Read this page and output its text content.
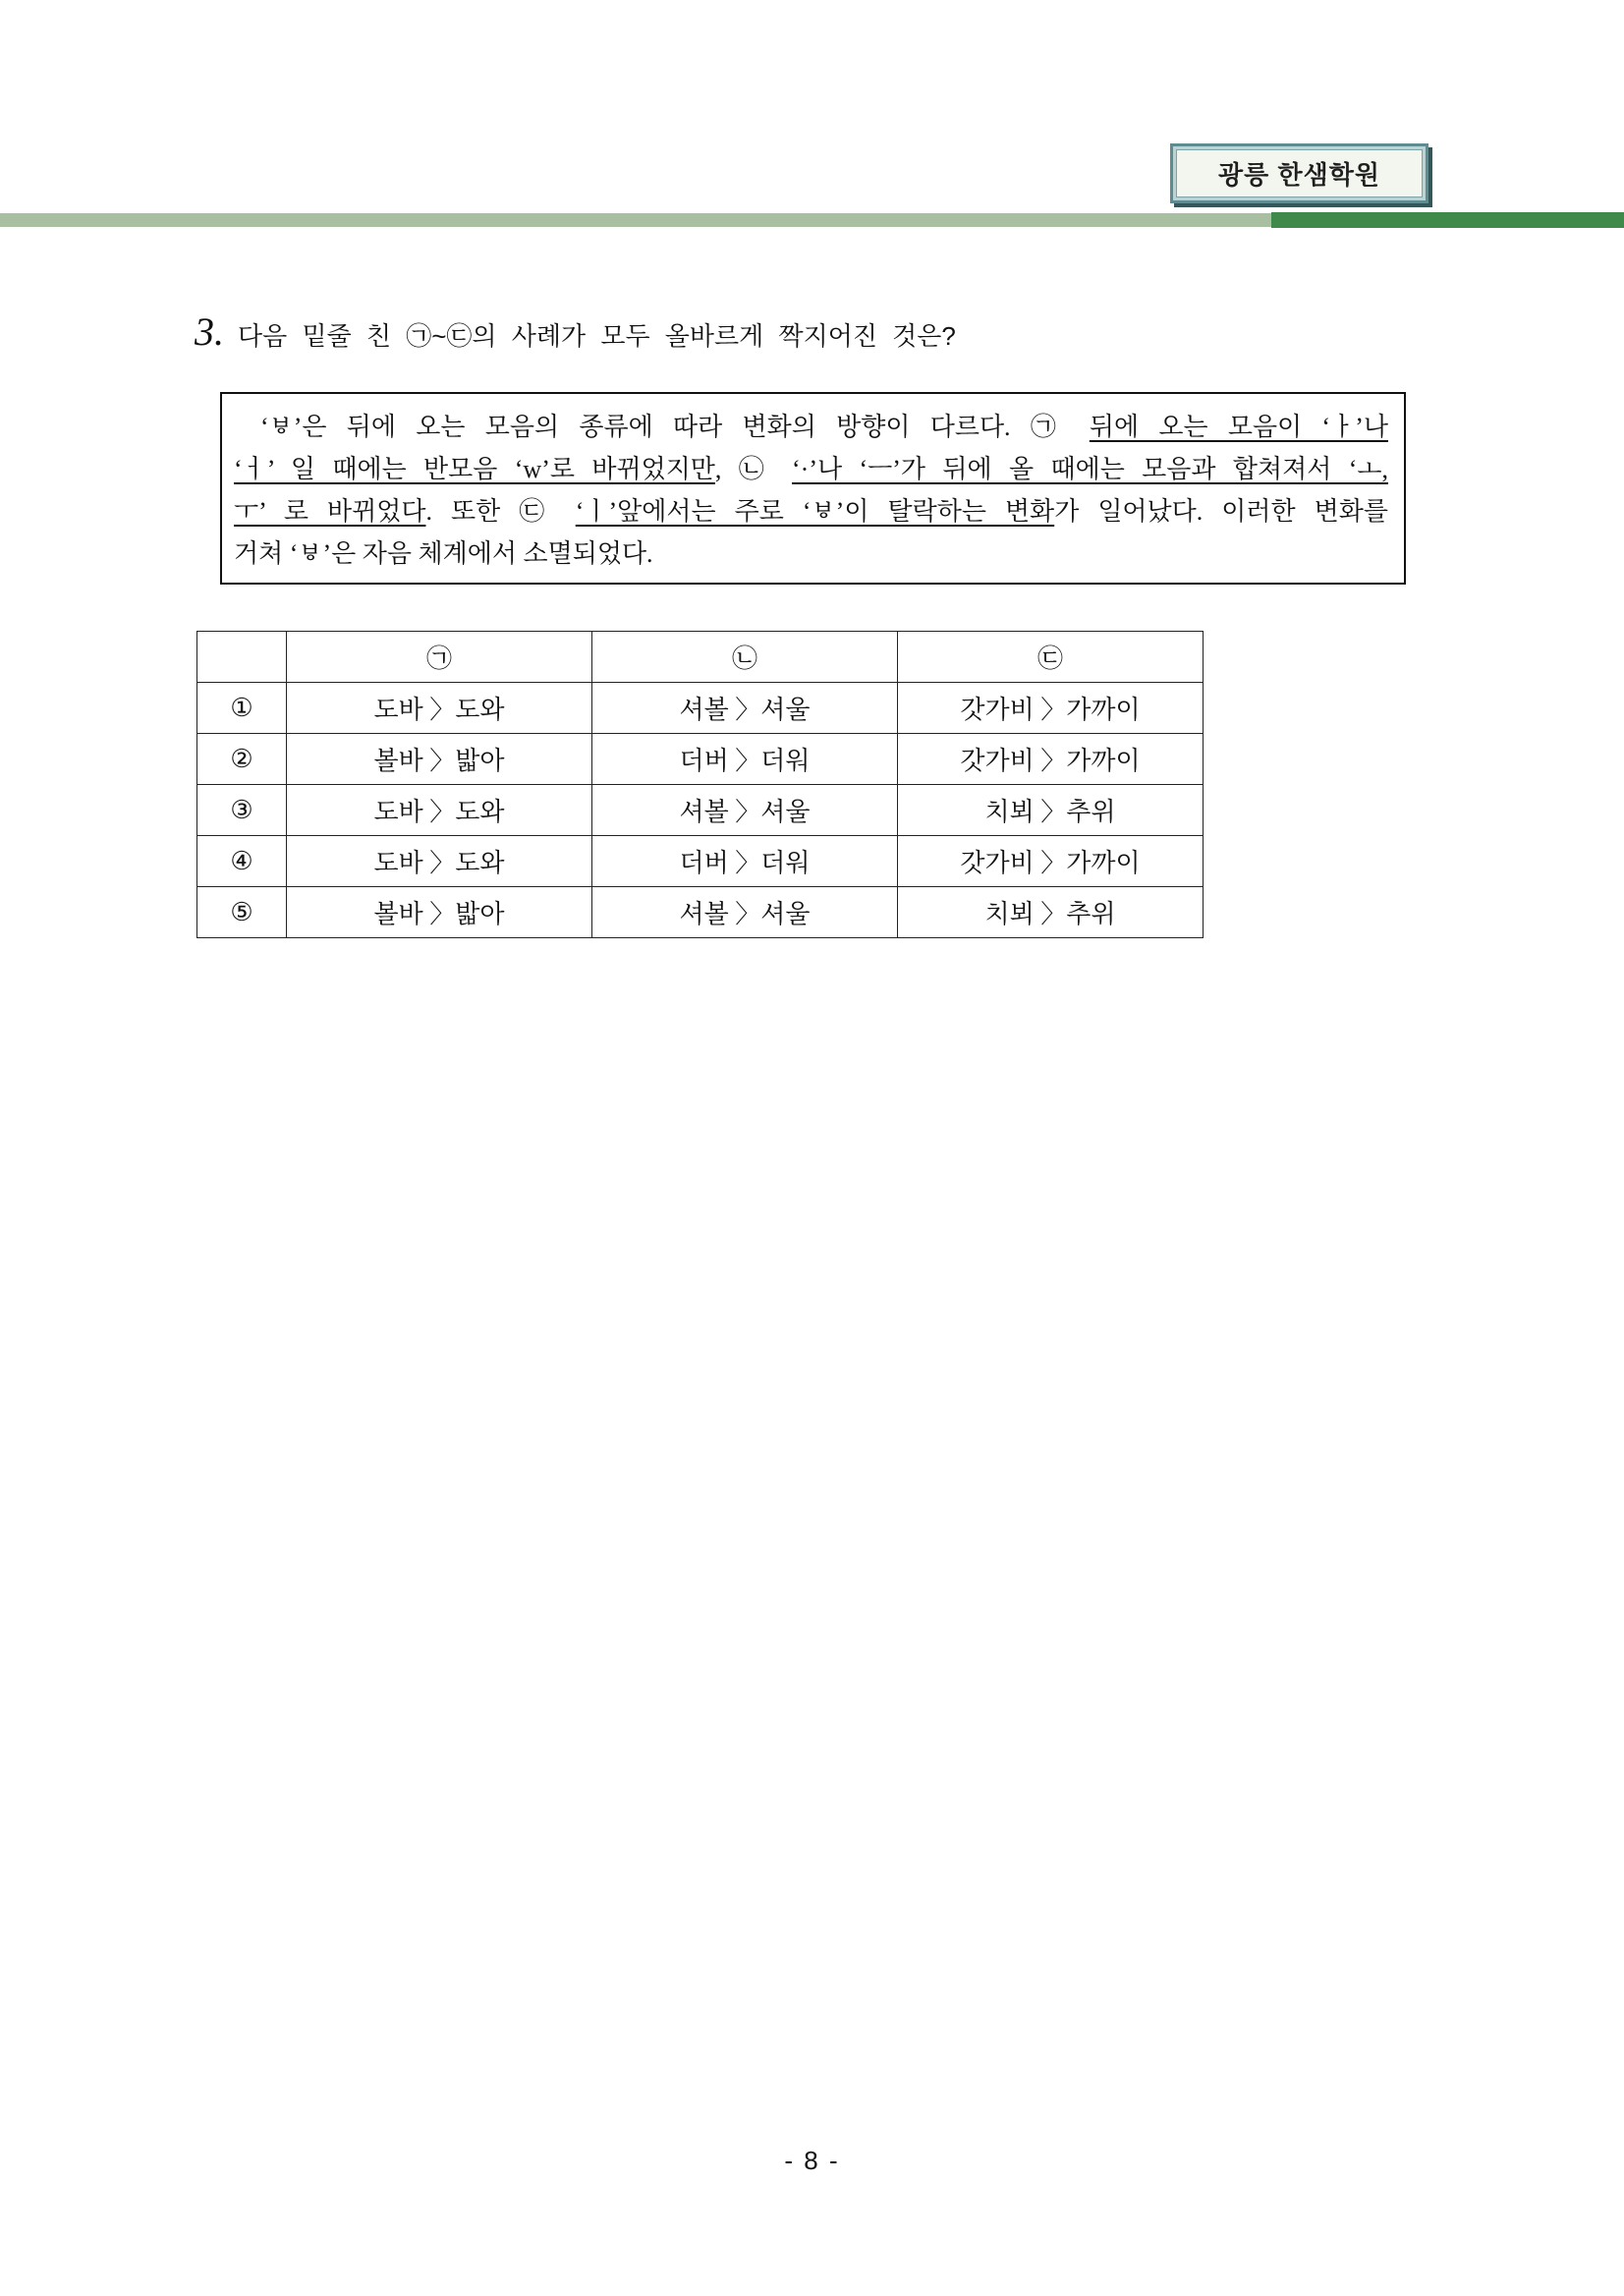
광릉 한샘학원
3. 다음 밑줄 친 ㉠~㉢의 사례가 모두 올바르게 짝지어진 것은?
‘ㅸ’은 뒤에 오는 모음의 종류에 따라 변화의 방향이 다르다. ㉠ 뒤에 오는 모음이 ‘ㅏ’나
‘ㅓ’ 일 때에는 반모음 ‘w’로 바뀌었지만, ㉡ ‘·’나 ‘ㅡ’가 뒤에 올 때에는 모음과 합쳐져서 ‘ㅗ,
ㅜ’ 로 바뀌었다. 또한 ㉢ ‘ㅣ’앞에서는 주로 ‘ㅸ’이 탈락하는 변화가 일어났다. 이러한 변화를
거쳐 ‘ㅸ’은 자음 체계에서 소멸되었다.
	㉠	㉡	㉢
①	도바 〉도와	셔볼 〉셔울	갓가비 〉가까이
②	볼바 〉밟아	더버 〉더워	갓가비 〉가까이
③	도바 〉도와	셔볼 〉셔울	치뵈 〉추위
④	도바 〉도와	더버 〉더워	갓가비 〉가까이
⑤	볼바 〉밟아	셔볼 〉셔울	치뵈 〉추위
- 8 -
